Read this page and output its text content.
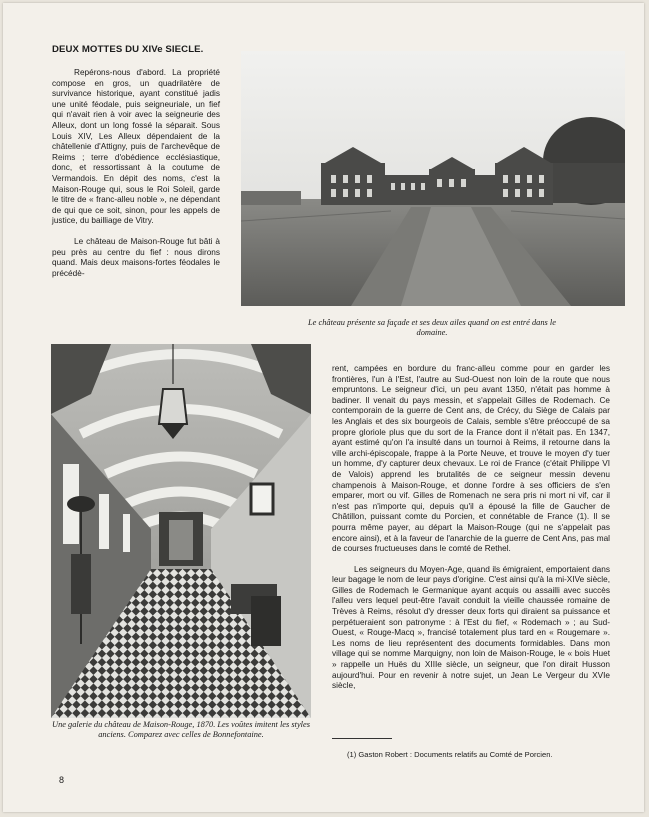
DEUX MOTTES DU XIVe SIECLE.

Repérons-nous d'abord. La propriété compose en gros, un quadrilatère de survivance historique, ayant constitué jadis une unité féodale, puis seigneuriale, un fief qui n'avait rien à voir avec la seigneurie des Alleux, dont un long fossé la séparait. Sous Louis XIV, Les Alleux dépendaient de la châtellenie d'Attigny, puis de l'archevêque de Reims ; terre d'obédience ecclésiastique, donc, et ressortissant à la coutume de Vermandois. En dépit des noms, c'est la Maison-Rouge qui, sous le Roi Soleil, garde le titre de « franc-alleu noble », ne dépendant de qui que ce soit, sinon, pour les appels de justice, du bailliage de Vitry.

Le château de Maison-Rouge fut bâti à peu près au centre du fief : nous dirons quand. Mais deux maisons-fortes féodales le précédè-

Le château présente sa façade et ses deux ailes quand on est entré dans le domaine.
Une galerie du château de Maison-Rouge, 1870. Les voûtes imitent les styles anciens. Comparez avec celles de Bonnefontaine.

rent, campées en bordure du franc-alleu comme pour en garder les frontières, l'un à l'Est, l'autre au Sud-Ouest non loin de la route que nous empruntons. Le seigneur d'ici, un peu avant 1350, n'était pas homme à badiner. Il venait du pays messin, et s'appelait Gilles de Rodemach. Ce contemporain de la guerre de Cent ans, de Crécy, du Siège de Calais par les Anglais et des six bourgeois de Calais, semble s'être préoccupé de sa propre gloriole plus que du sort de la France dont il n'était pas. En 1347, ayant estimé qu'on l'a insulté dans un tournoi à Reims, il retourne dans la ville archi-épiscopale, frappe à la Porte Neuve, et trouve le moyen d'y tuer un homme, d'y capturer deux chevaux. Le roi de France (c'était Philippe VI de Valois) apprend les brutalités de ce seigneur messin devenu champenois à Maison-Rouge, et donne l'ordre à ses officiers de s'en emparer, mort ou vif. Gilles de Romenach ne sera pris ni mort ni vif, car il n'est pas n'importe qui, depuis qu'il a épousé la fille de Gaucher de Châtillon, puissant comte du Porcien, et connétable de France (1). Il se pourra même payer, au départ la Maison-Rouge (qui ne s'appelait pas encore ainsi), et à la faveur de l'anarchie de la guerre de Cent Ans, pas mal de courses fructueuses dans le comté de Rethel.

Les seigneurs du Moyen-Age, quand ils émigraient, emportaient dans leur bagage le nom de leur pays d'origine. C'est ainsi qu'à la mi-XIVe siècle, Gilles de Rodemach le Germanique ayant acquis ou assailli avec succès l'alleu vers lequel peut-être l'avait conduit la vieille chaussée romaine de Trèves à Reims, résolut d'y dresser deux forts qui diraient sa puissance et perpétueraient son patronyme : à l'Est du fief, « Rodemach » ; au Sud-Ouest, « Rouge-Macq », francisé totalement plus tard en « Rougemare ». Les noms de lieu représentent des documents formidables. Dans mon village qui se nomme Marquigny, non loin de Maison-Rouge, le « bois Huet » rappelle un Huës du XIIIe siècle, un seigneur, que l'on dirait Husson aujourd'hui. Pour en revenir à notre sujet, un Jean Le Vergeur du XVIe siècle,

(1) Gaston Robert : Documents relatifs au Comté de Porcien.
8
